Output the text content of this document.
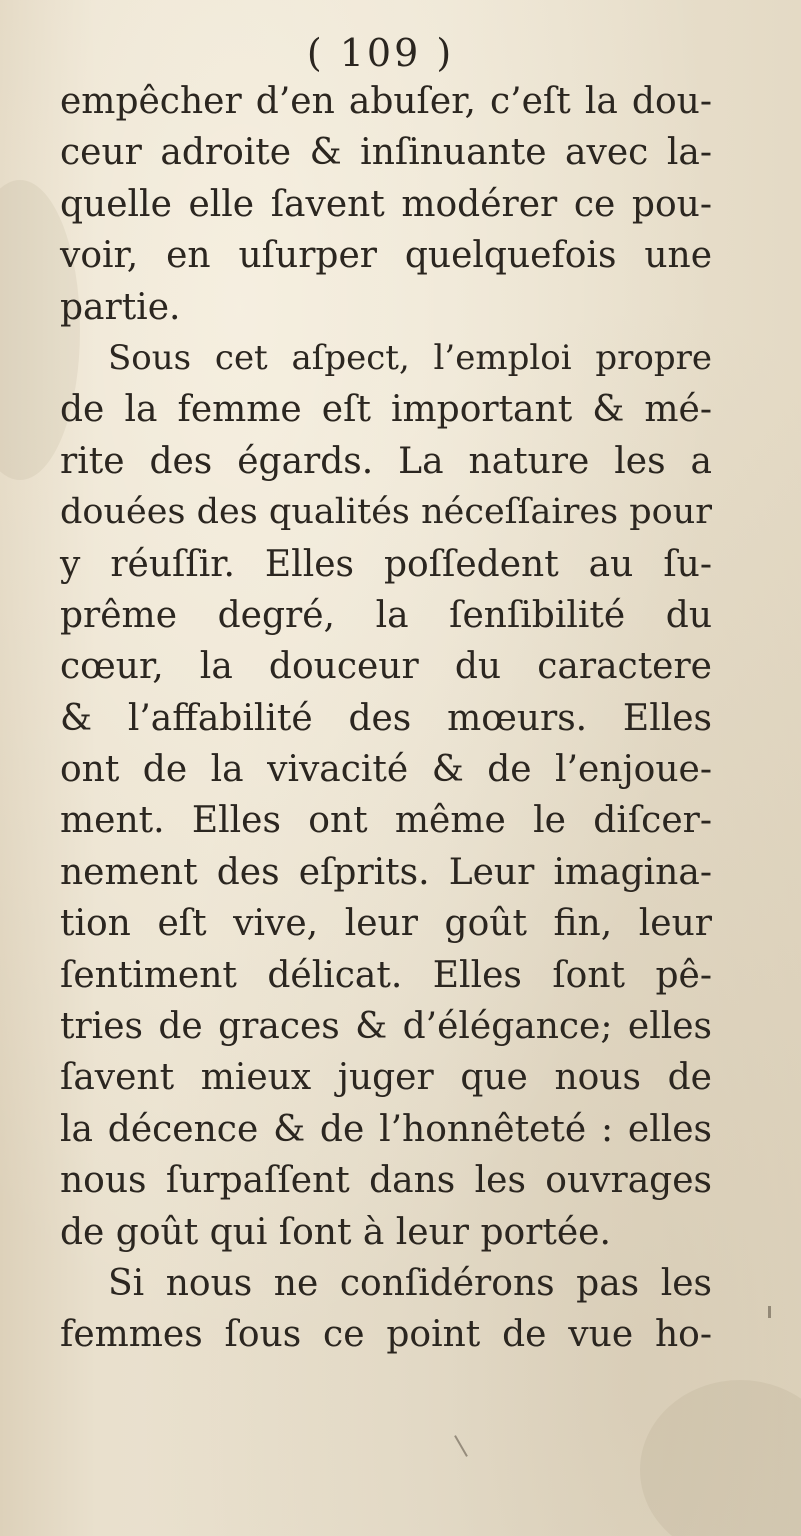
( 109 )
empêcher d’en abuſer, c’eſt la dou-
ceur adroite & inſinuante avec la-
quelle elle ſavent modérer ce pou-
voir, en uſurper quelquefois une
partie.
Sous cet aſpect, l’emploi propre
de la femme eſt important & mé-
rite des égards. La nature les a
douées des qualités néceſſaires pour
y réuſſir. Elles poſſedent au ſu-
prême degré, la ſenſibilité du
cœur, la douceur du caractere
& l’affabilité des mœurs. Elles
ont de la vivacité & de l’enjoue-
ment. Elles ont même le diſcer-
nement des eſprits. Leur imagina-
tion eſt vive, leur goût fin, leur
ſentiment délicat. Elles ſont pê-
tries de graces & d’élégance; elles
ſavent mieux juger que nous de
la décence & de l’honnêteté : elles
nous ſurpaſſent dans les ouvrages
de goût qui ſont à leur portée.
Si nous ne conſidérons pas les
femmes ſous ce point de vue ho-
